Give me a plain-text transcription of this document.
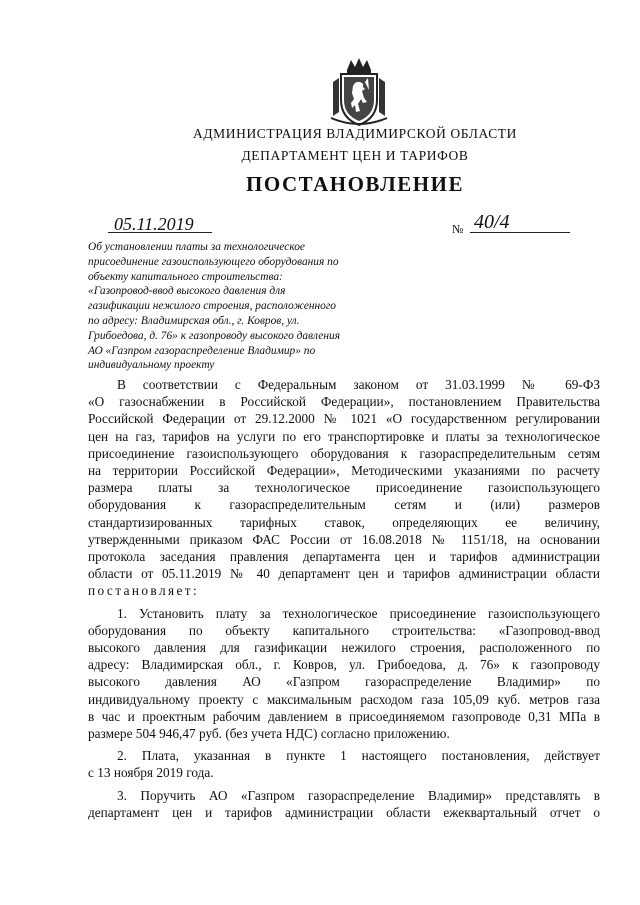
АДМИНИСТРАЦИЯ ВЛАДИМИРСКОЙ ОБЛАСТИ
ДЕПАРТАМЕНТ ЦЕН И ТАРИФОВ
ПОСТАНОВЛЕНИЕ
05.11.2019	№ 40/4
Об установлении платы за технологическое
присоединение газоиспользующего оборудования по
объекту капитального строительства:
«Газопровод-ввод высокого давления для
газификации нежилого строения, расположенного
по адресу: Владимирская обл., г. Ковров, ул.
Грибоедова, д. 76» к газопроводу высокого давления
АО «Газпром газораспределение Владимир» по
индивидуальному проекту
В соответствии с Федеральным законом от 31.03.1999 № 69-ФЗ
«О газоснабжении в Российской Федерации», постановлением Правительства
Российской Федерации от 29.12.2000 № 1021 «О государственном регулировании
цен на газ, тарифов на услуги по его транспортировке и платы за технологическое
присоединение газоиспользующего оборудования к газораспределительным сетям
на территории Российской Федерации», Методическими указаниями по расчету
размера платы за технологическое присоединение газоиспользующего
оборудования к газораспределительным сетям и (или) размеров
стандартизированных тарифных ставок, определяющих ее величину,
утвержденными приказом ФАС России от 16.08.2018 № 1151/18, на основании
протокола заседания правления департамента цен и тарифов администрации
области от 05.11.2019 № 40 департамент цен и тарифов администрации области
постановляет:
1. Установить плату за технологическое присоединение газоиспользующего
оборудования по объекту капитального строительства: «Газопровод-ввод
высокого давления для газификации нежилого строения, расположенного по
адресу: Владимирская обл., г. Ковров, ул. Грибоедова, д. 76» к газопроводу
высокого давления АО «Газпром газораспределение Владимир» по
индивидуальному проекту с максимальным расходом газа 105,09 куб. метров газа
в час и проектным рабочим давлением в присоединяемом газопроводе 0,31 МПа в
размере 504 946,47 руб. (без учета НДС) согласно приложению.
2. Плата, указанная в пункте 1 настоящего постановления, действует
с 13 ноября 2019 года.
3. Поручить АО «Газпром газораспределение Владимир» представлять в
департамент цен и тарифов администрации области ежеквартальный отчет о
